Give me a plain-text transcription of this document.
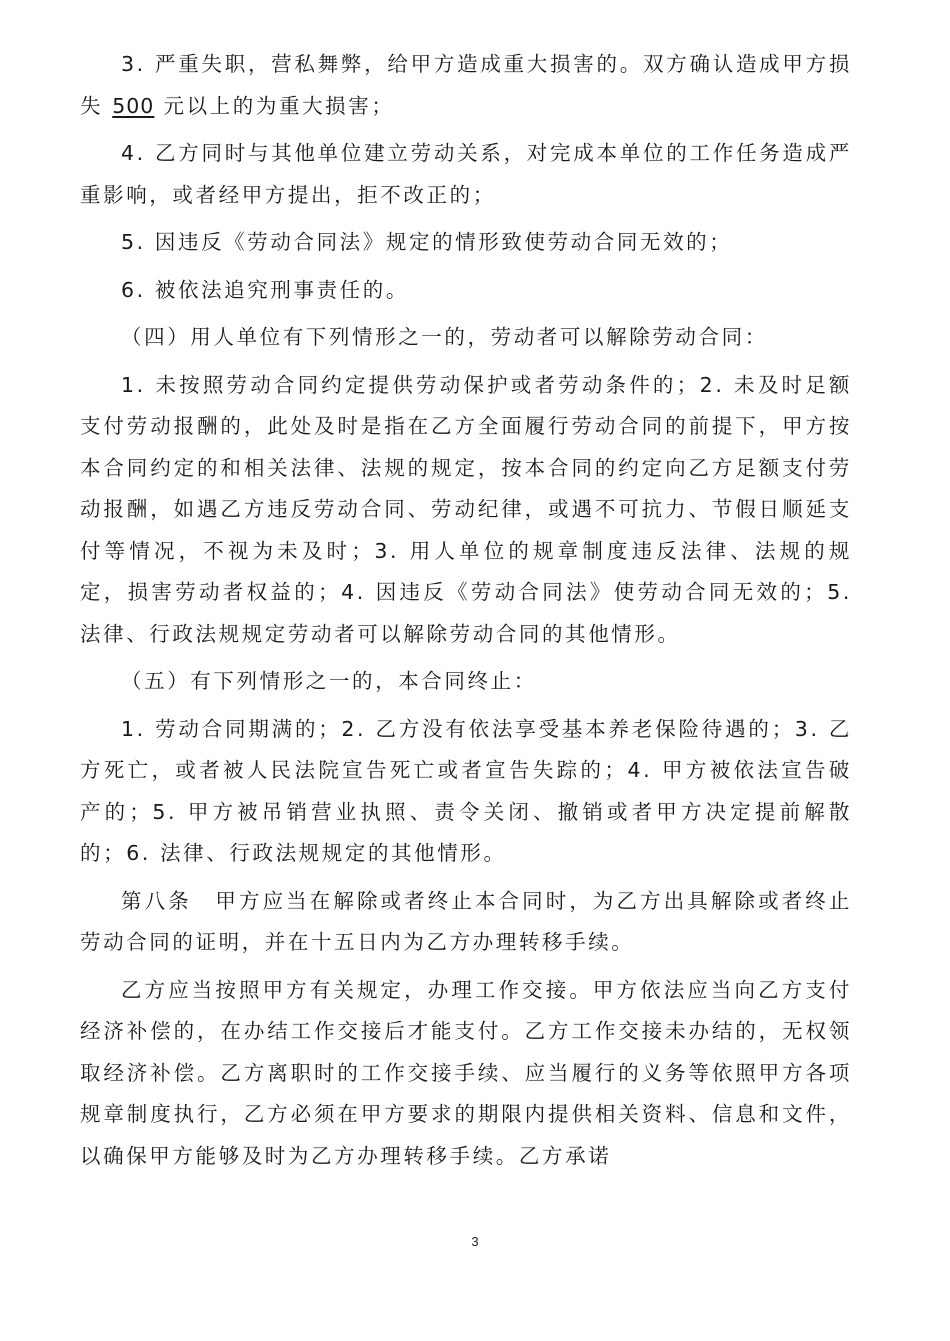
3. 严重失职，营私舞弊，给甲方造成重大损害的。双方确认造成甲方损失 500 元以上的为重大损害；

4. 乙方同时与其他单位建立劳动关系，对完成本单位的工作任务造成严重影响，或者经甲方提出，拒不改正的；

5. 因违反《劳动合同法》规定的情形致使劳动合同无效的；

6. 被依法追究刑事责任的。

（四）用人单位有下列情形之一的，劳动者可以解除劳动合同：

1. 未按照劳动合同约定提供劳动保护或者劳动条件的；2. 未及时足额支付劳动报酬的，此处及时是指在乙方全面履行劳动合同的前提下，甲方按本合同约定的和相关法律、法规的规定，按本合同的约定向乙方足额支付劳动报酬，如遇乙方违反劳动合同、劳动纪律，或遇不可抗力、节假日顺延支付等情况，不视为未及时；3. 用人单位的规章制度违反法律、法规的规定，损害劳动者权益的；4. 因违反《劳动合同法》使劳动合同无效的；5. 法律、行政法规规定劳动者可以解除劳动合同的其他情形。

（五）有下列情形之一的，本合同终止：

1. 劳动合同期满的；2. 乙方没有依法享受基本养老保险待遇的；3. 乙方死亡，或者被人民法院宣告死亡或者宣告失踪的；4. 甲方被依法宣告破产的；5. 甲方被吊销营业执照、责令关闭、撤销或者甲方决定提前解散的；6. 法律、行政法规规定的其他情形。

第八条　甲方应当在解除或者终止本合同时，为乙方出具解除或者终止劳动合同的证明，并在十五日内为乙方办理转移手续。

乙方应当按照甲方有关规定，办理工作交接。甲方依法应当向乙方支付经济补偿的，在办结工作交接后才能支付。乙方工作交接未办结的，无权领取经济补偿。乙方离职时的工作交接手续、应当履行的义务等依照甲方各项规章制度执行，乙方必须在甲方要求的期限内提供相关资料、信息和文件，以确保甲方能够及时为乙方办理转移手续。乙方承诺

3
